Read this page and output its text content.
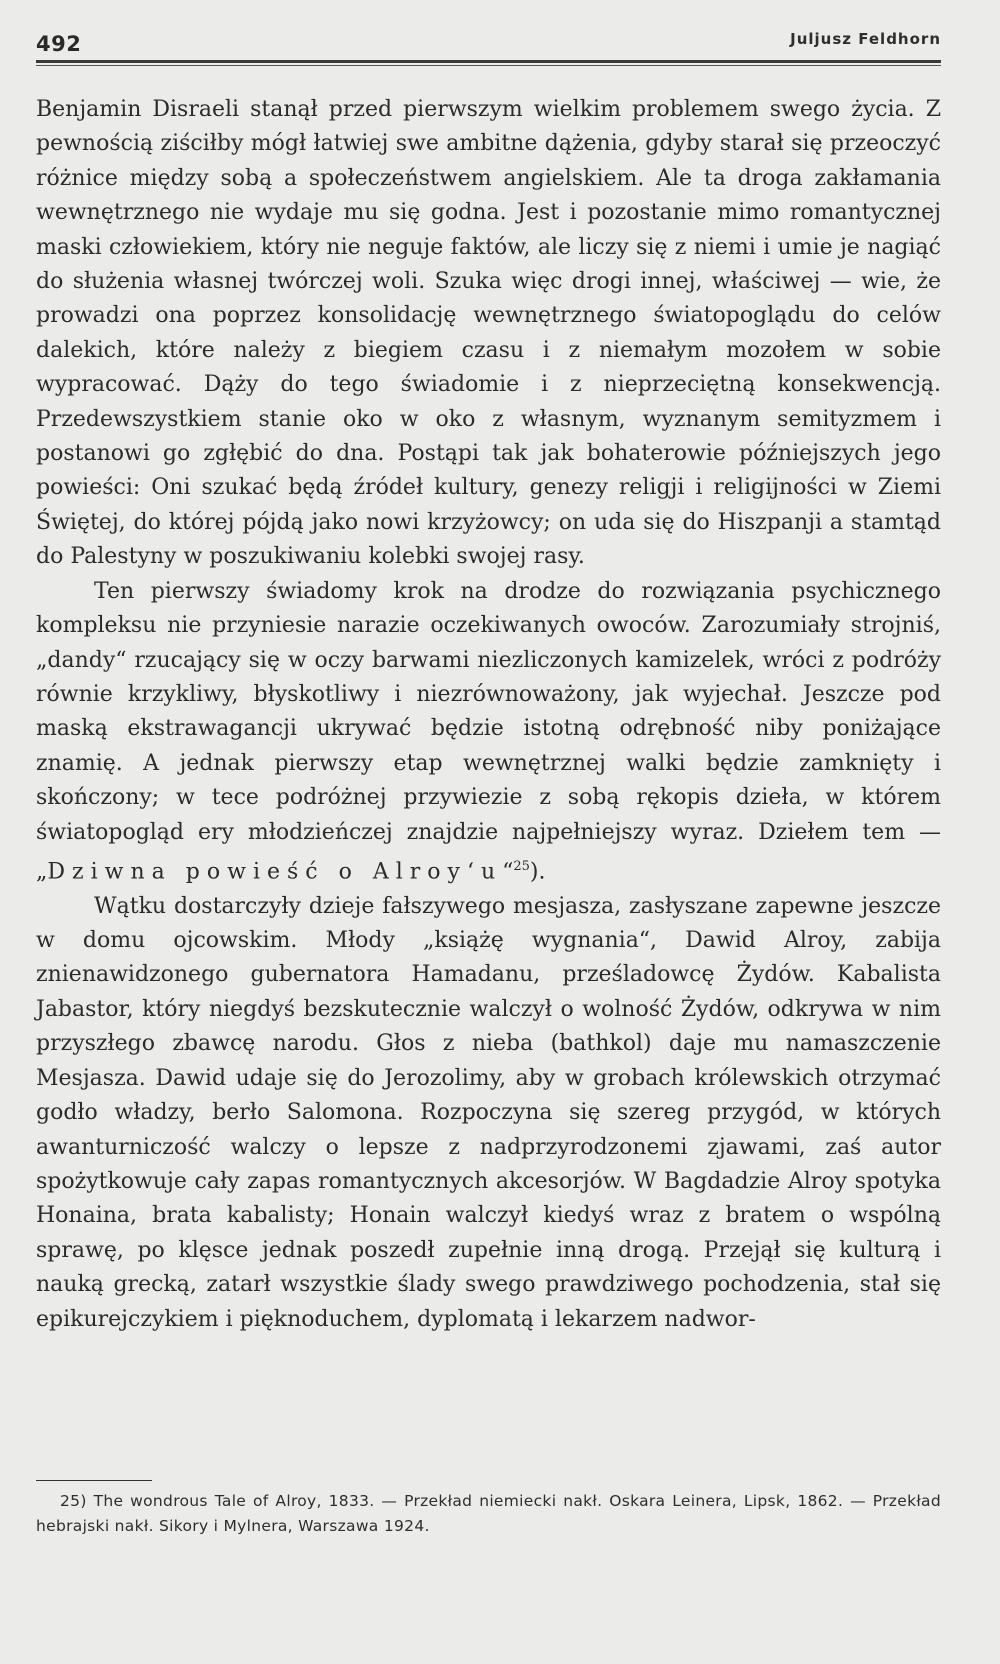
492	Juljusz Feldhorn

Benjamin Disraeli stanął przed pierwszym wielkim problemem swego życia. Z pewnością ziściłby mógł łatwiej swe ambitne dążenia, gdyby starał się przeoczyć różnice między sobą a społeczeństwem angielskiem. Ale ta droga zakłamania wewnętrznego nie wydaje mu się godna. Jest i pozostanie mimo romantycznej maski człowiekiem, który nie neguje faktów, ale liczy się z niemi i umie je nagiąć do służenia własnej twórczej woli. Szuka więc drogi innej, właściwej — wie, że prowadzi ona poprzez konsolidację wewnętrznego światopoglądu do celów dalekich, które należy z biegiem czasu i z niemałym mozołem w sobie wypracować. Dąży do tego świadomie i z nieprzeciętną konsekwencją. Przedewszystkiem stanie oko w oko z własnym, wyznanym semityzmem i postanowi go zgłębić do dna. Postąpi tak jak bohaterowie późniejszych jego powieści: Oni szukać będą źródeł kultury, genezy religji i religijności w Ziemi Świętej, do której pójdą jako nowi krzyżowcy; on uda się do Hiszpanji a stamtąd do Palestyny w poszukiwaniu kolebki swojej rasy.

Ten pierwszy świadomy krok na drodze do rozwiązania psychicznego kompleksu nie przyniesie narazie oczekiwanych owoców. Zarozumiały strojniś, „dandy“ rzucający się w oczy barwami niezliczonych kamizelek, wróci z podróży równie krzykliwy, błyskotliwy i niezrównoważony, jak wyjechał. Jeszcze pod maską ekstrawagancji ukrywać będzie istotną odrębność niby poniżające znamię. A jednak pierwszy etap wewnętrznej walki będzie zamknięty i skończony; w tece podróżnej przywiezie z sobą rękopis dzieła, w którem światopogląd ery młodzieńczej znajdzie najpełniejszy wyraz. Dziełem tem — „Dziwna powieść o Alroy‘u“$^{25}$).

Wątku dostarczyły dzieje fałszywego mesjasza, zasłyszane zapewne jeszcze w domu ojcowskim. Młody „książę wygnania“, Dawid Alroy, zabija znienawidzonego gubernatora Hamadanu, prześladowcę Żydów. Kabalista Jabastor, który niegdyś bezskutecznie walczył o wolność Żydów, odkrywa w nim przyszłego zbawcę narodu. Głos z nieba (bathkol) daje mu namaszczenie Mesjasza. Dawid udaje się do Jerozolimy, aby w grobach królewskich otrzymać godło władzy, berło Salomona. Rozpoczyna się szereg przygód, w których awanturniczość walczy o lepsze z nadprzyrodzonemi zjawami, zaś autor spożytkowuje cały zapas romantycznych akcesorjów. W Bagdadzie Alroy spotyka Honaina, brata kabalisty; Honain walczył kiedyś wraz z bratem o wspólną sprawę, po klęsce jednak poszedł zupełnie inną drogą. Przejął się kulturą i nauką grecką, zatarł wszystkie ślady swego prawdziwego pochodzenia, stał się epikurejczykiem i pięknoduchem, dyplomatą i lekarzem nadwor-

25) The wondrous Tale of Alroy, 1833. — Przekład niemiecki nakł. Oskara Leinera, Lipsk, 1862. — Przekład hebrajski nakł. Sikory i Mylnera, Warszawa 1924.
